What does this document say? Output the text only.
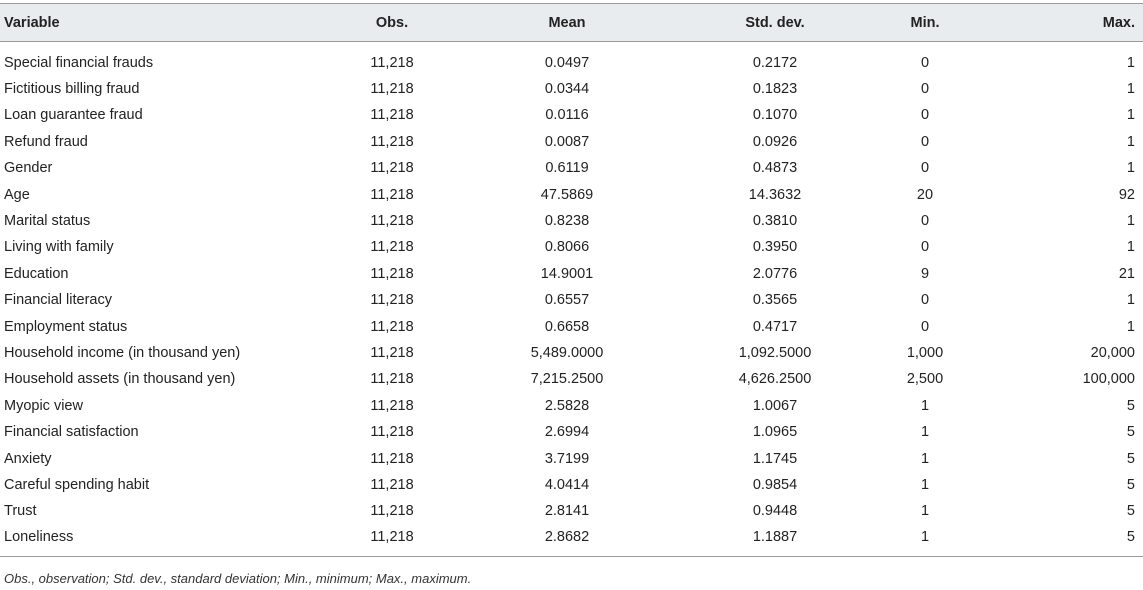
Variable	Obs.	Mean	Std. dev.	Min.	Max.
Special financial frauds	11,218	0.0497	0.2172	0	1
Fictitious billing fraud	11,218	0.0344	0.1823	0	1
Loan guarantee fraud	11,218	0.0116	0.1070	0	1
Refund fraud	11,218	0.0087	0.0926	0	1
Gender	11,218	0.6119	0.4873	0	1
Age	11,218	47.5869	14.3632	20	92
Marital status	11,218	0.8238	0.3810	0	1
Living with family	11,218	0.8066	0.3950	0	1
Education	11,218	14.9001	2.0776	9	21
Financial literacy	11,218	0.6557	0.3565	0	1
Employment status	11,218	0.6658	0.4717	0	1
Household income (in thousand yen)	11,218	5,489.0000	1,092.5000	1,000	20,000
Household assets (in thousand yen)	11,218	7,215.2500	4,626.2500	2,500	100,000
Myopic view	11,218	2.5828	1.0067	1	5
Financial satisfaction	11,218	2.6994	1.0965	1	5
Anxiety	11,218	3.7199	1.1745	1	5
Careful spending habit	11,218	4.0414	0.9854	1	5
Trust	11,218	2.8141	0.9448	1	5
Loneliness	11,218	2.8682	1.1887	1	5
Obs., observation; Std. dev., standard deviation; Min., minimum; Max., maximum.
